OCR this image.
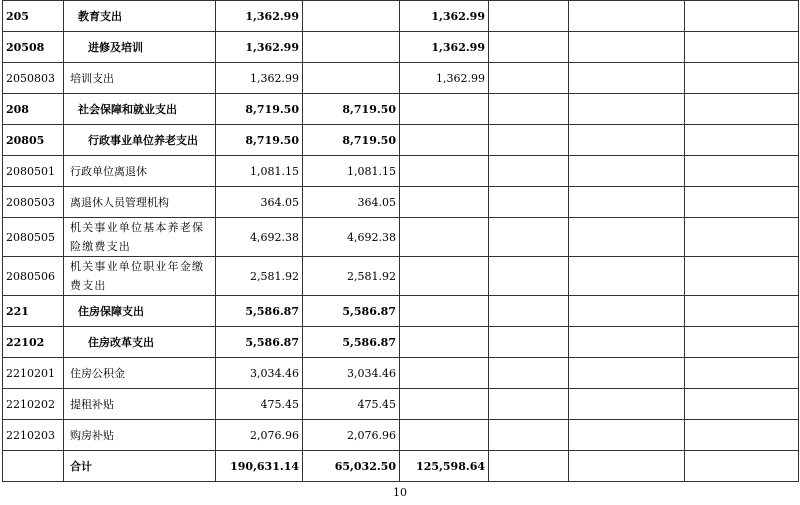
205	教育支出	1,362.99		1,362.99			
20508	进修及培训	1,362.99		1,362.99			
2050803	培训支出	1,362.99		1,362.99			
208	社会保障和就业支出	8,719.50	8,719.50				
20805	行政事业单位养老支出	8,719.50	8,719.50				
2080501	行政单位离退休	1,081.15	1,081.15				
2080503	离退休人员管理机构	364.05	364.05				
2080505	机关事业单位基本养老保险缴费支出	4,692.38	4,692.38				
2080506	机关事业单位职业年金缴费支出	2,581.92	2,581.92				
221	住房保障支出	5,586.87	5,586.87				
22102	住房改革支出	5,586.87	5,586.87				
2210201	住房公积金	3,034.46	3,034.46				
2210202	提租补贴	475.45	475.45				
2210203	购房补贴	2,076.96	2,076.96				
	合计	190,631.14	65,032.50	125,598.64			
10
